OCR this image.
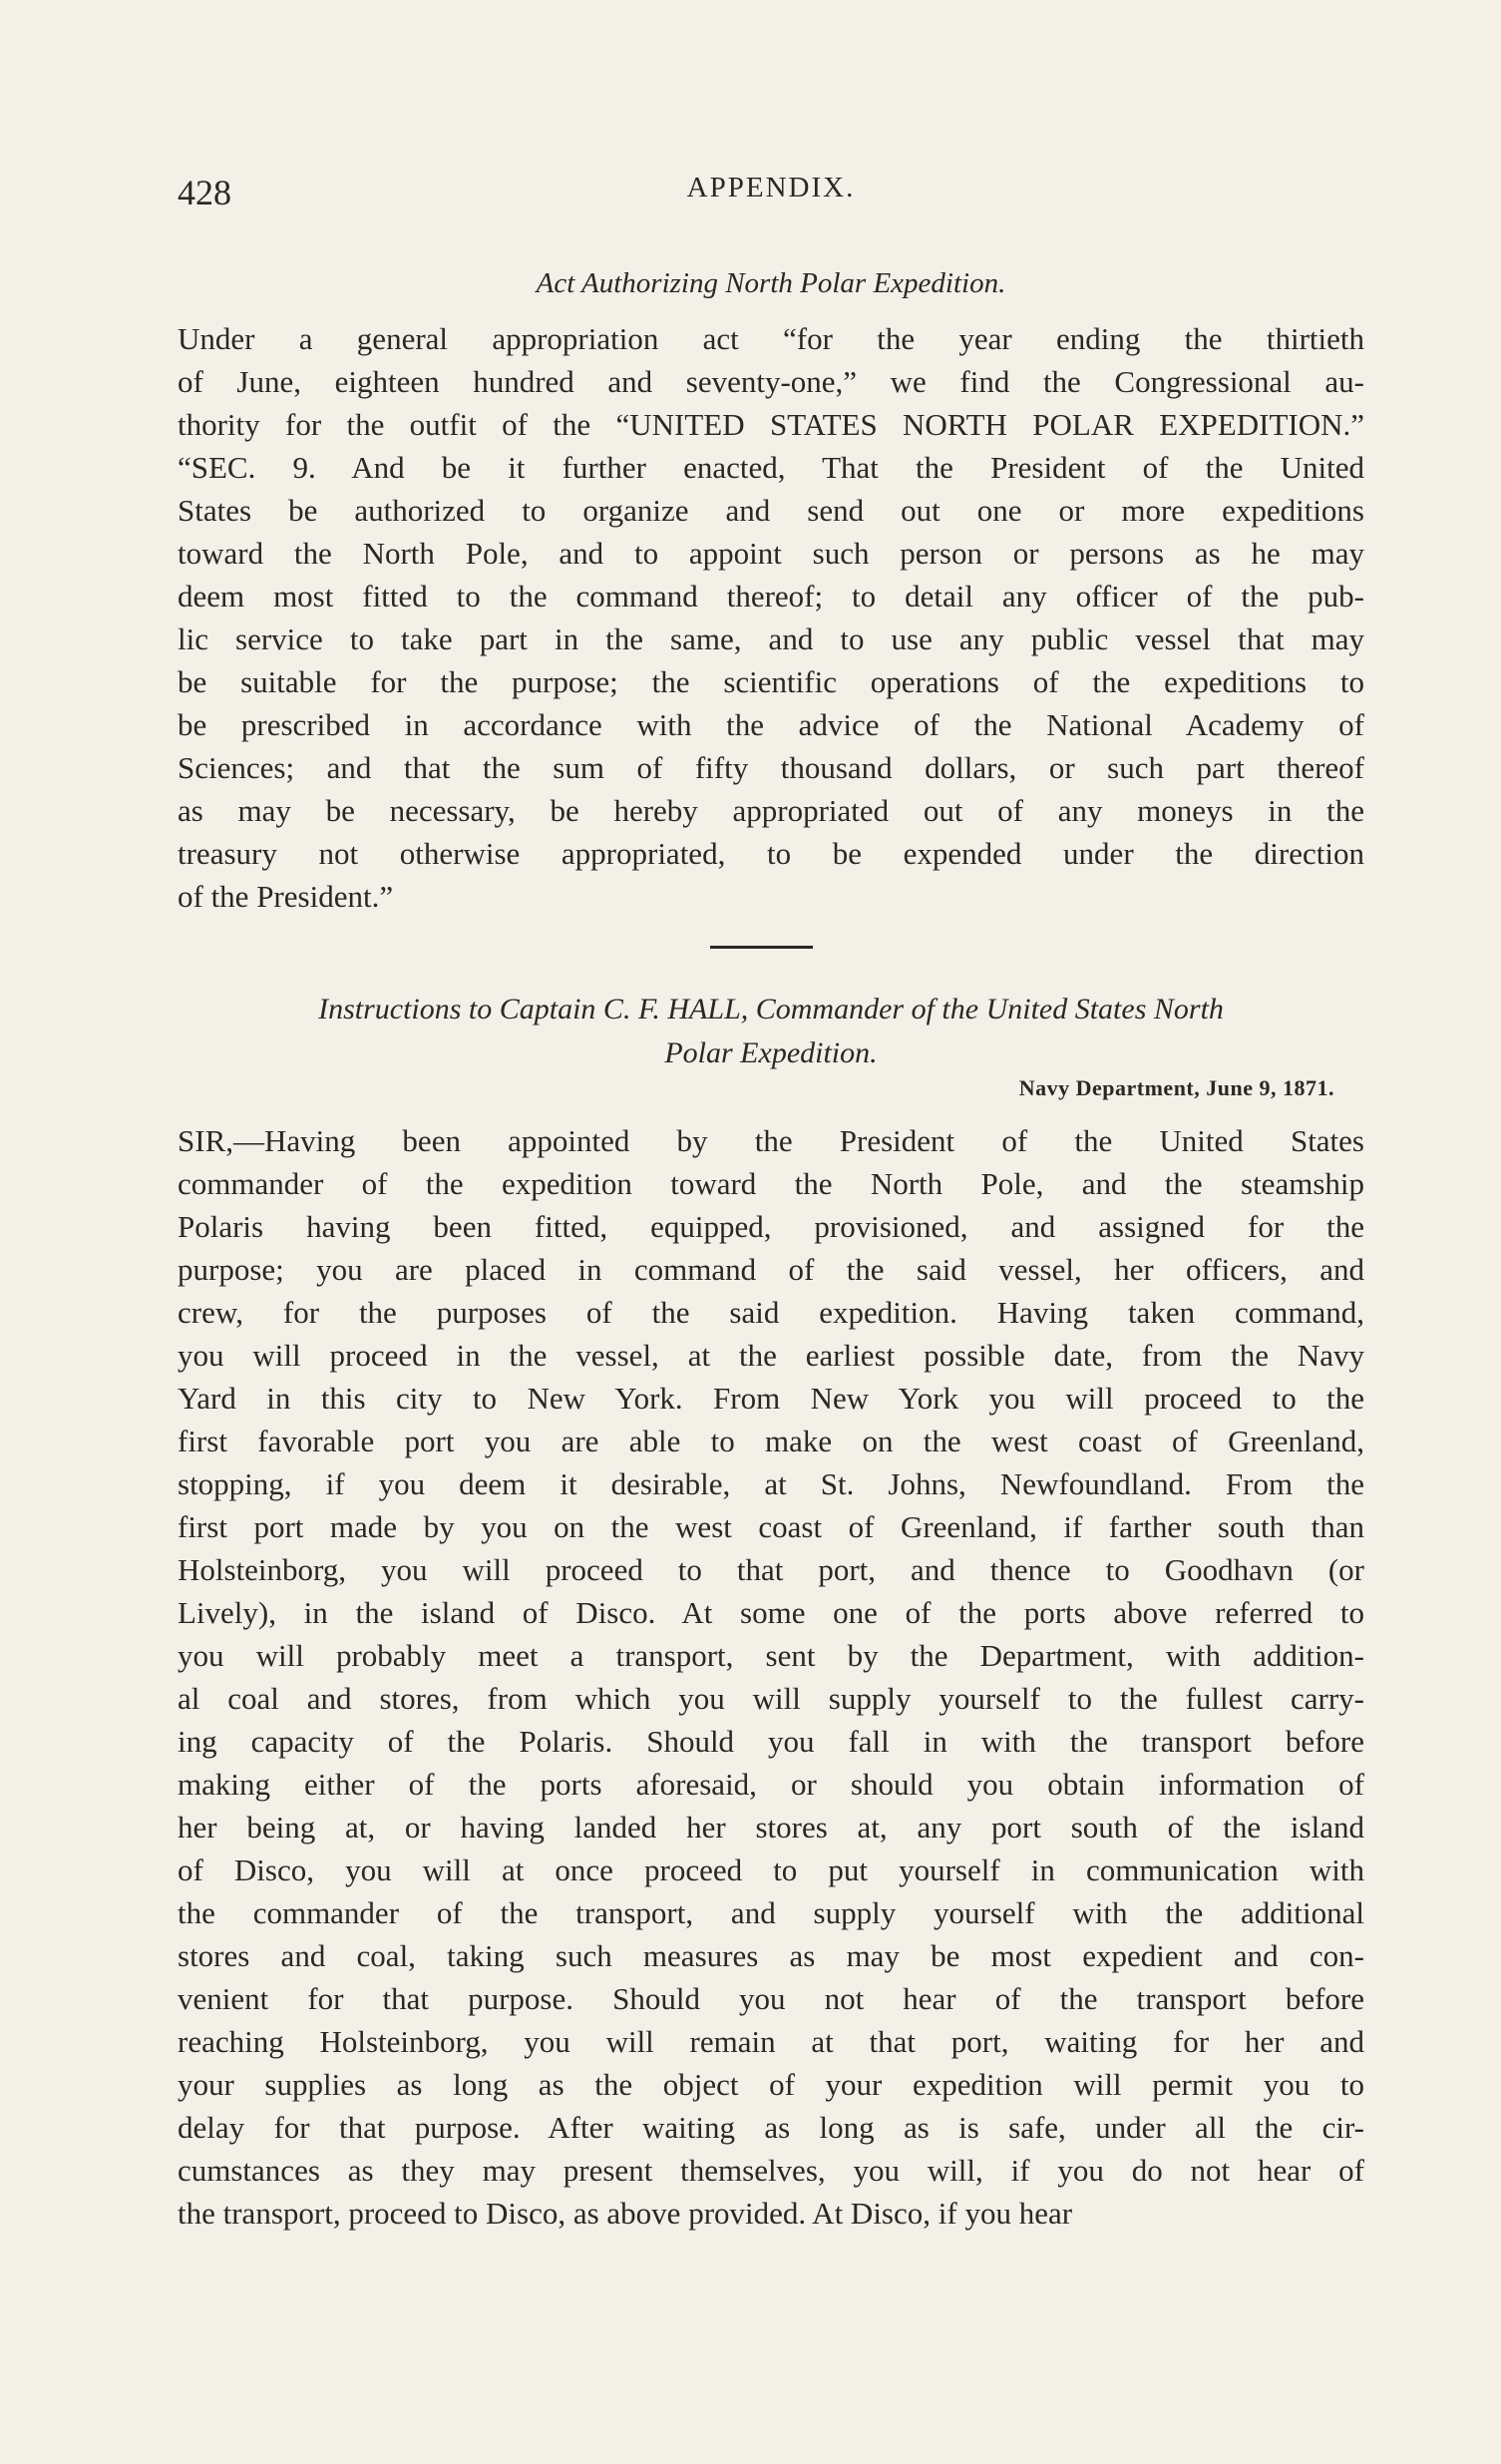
428	APPENDIX.
Act Authorizing North Polar Expedition.
Under a general appropriation act “for the year ending the thirtieth
of June, eighteen hundred and seventy-one,” we find the Congressional au-
thority for the outfit of the “UNITED STATES NORTH POLAR EXPEDITION.”
“SEC. 9. And be it further enacted, That the President of the United
States be authorized to organize and send out one or more expeditions
toward the North Pole, and to appoint such person or persons as he may
deem most fitted to the command thereof; to detail any officer of the pub-
lic service to take part in the same, and to use any public vessel that may
be suitable for the purpose; the scientific operations of the expeditions to
be prescribed in accordance with the advice of the National Academy of
Sciences; and that the sum of fifty thousand dollars, or such part thereof
as may be necessary, be hereby appropriated out of any moneys in the
treasury not otherwise appropriated, to be expended under the direction
of the President.”
Instructions to Captain C. F. HALL, Commander of the United States North
Polar Expedition.
Navy Department, June 9, 1871.
SIR,—Having been appointed by the President of the United States
commander of the expedition toward the North Pole, and the steamship
Polaris having been fitted, equipped, provisioned, and assigned for the
purpose; you are placed in command of the said vessel, her officers, and
crew, for the purposes of the said expedition. Having taken command,
you will proceed in the vessel, at the earliest possible date, from the Navy
Yard in this city to New York. From New York you will proceed to the
first favorable port you are able to make on the west coast of Greenland,
stopping, if you deem it desirable, at St. Johns, Newfoundland. From the
first port made by you on the west coast of Greenland, if farther south than
Holsteinborg, you will proceed to that port, and thence to Goodhavn (or
Lively), in the island of Disco. At some one of the ports above referred to
you will probably meet a transport, sent by the Department, with addition-
al coal and stores, from which you will supply yourself to the fullest carry-
ing capacity of the Polaris. Should you fall in with the transport before
making either of the ports aforesaid, or should you obtain information of
her being at, or having landed her stores at, any port south of the island
of Disco, you will at once proceed to put yourself in communication with
the commander of the transport, and supply yourself with the additional
stores and coal, taking such measures as may be most expedient and con-
venient for that purpose. Should you not hear of the transport before
reaching Holsteinborg, you will remain at that port, waiting for her and
your supplies as long as the object of your expedition will permit you to
delay for that purpose. After waiting as long as is safe, under all the cir-
cumstances as they may present themselves, you will, if you do not hear of
the transport, proceed to Disco, as above provided. At Disco, if you hear
